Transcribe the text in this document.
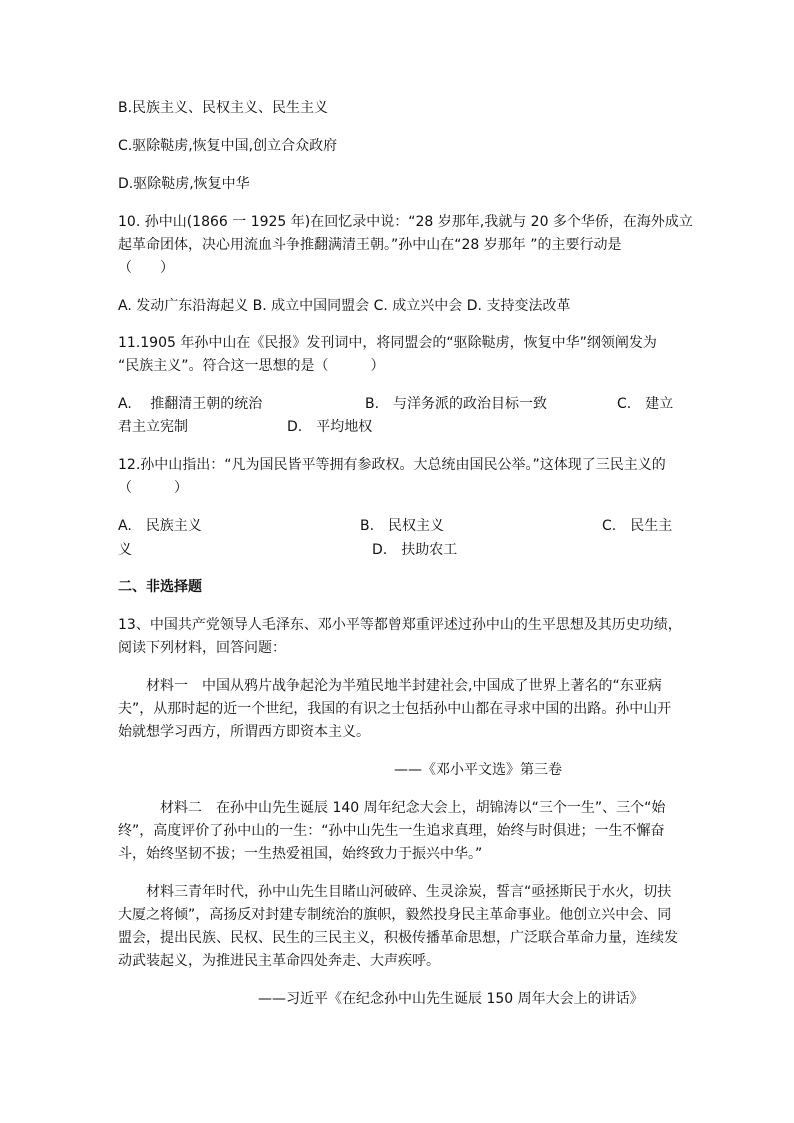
B.民族主义、民权主义、民生主义
C.驱除鞑虏,恢复中国,创立合众政府
D.驱除鞑虏,恢复中华
10. 孙中山(1866 一 1925 年)在回忆录中说：“28 岁那年,我就与 20 多个华侨，在海外成立
起革命团体，决心用流血斗争推翻满清王朝。”孙中山在“28 岁那年 ”的主要行动是
（　　）
A. 发动广东沿海起义 B. 成立中国同盟会 C. 成立兴中会 D. 支持变法改革
11.1905 年孙中山在《民报》发刊词中，将同盟会的“驱除鞑虏，恢复中华”纲领阐发为
“民族主义”。符合这一思想的是（　　　）
A.　 推翻清王朝的统治	B.　与洋务派的政治目标一致	C.　建立
君主立宪制	D.　平均地权
12.孙中山指出：“凡为国民皆平等拥有参政权。大总统由国民公举。”这体现了三民主义的
（　　　）
A.　民族主义	B.　民权主义	C.　民生主
义	D.　扶助农工
二、非选择题
13、中国共产党领导人毛泽东、邓小平等都曾郑重评述过孙中山的生平思想及其历史功绩，
阅读下列材料，回答问题：
材料一　中国从鸦片战争起沦为半殖民地半封建社会,中国成了世界上著名的“东亚病
夫”，从那时起的近一个世纪，我国的有识之士包括孙中山都在寻求中国的出路。孙中山开
始就想学习西方，所谓西方即资本主义。
——《邓小平文选》第三卷
材料二　在孙中山先生诞辰 140 周年纪念大会上，胡锦涛以“三个一生”、三个“始
终”，高度评价了孙中山的一生：“孙中山先生一生追求真理，始终与时俱进；一生不懈奋
斗，始终坚韧不拔；一生热爱祖国，始终致力于振兴中华。”
材料三青年时代，孙中山先生目睹山河破碎、生灵涂炭，誓言“亟拯斯民于水火，切扶
大厦之将倾”，高扬反对封建专制统治的旗帜，毅然投身民主革命事业。他创立兴中会、同
盟会，提出民族、民权、民生的三民主义，积极传播革命思想，广泛联合革命力量，连续发
动武装起义，为推进民主革命四处奔走、大声疾呼。
——习近平《在纪念孙中山先生诞辰 150 周年大会上的讲话》
